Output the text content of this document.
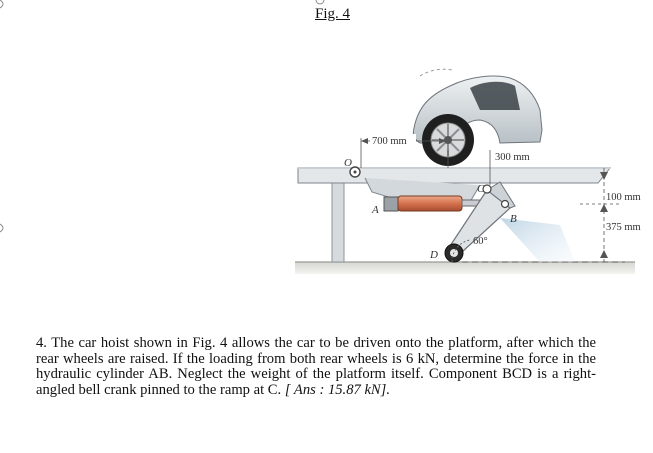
Fig. 4
700 mm
300 mm
100 mm
375 mm
O
A
B
C
D
60°
4. The car hoist shown in Fig. 4 allows the car to be driven onto the platform, after which the rear wheels are raised. If the loading from both rear wheels is 6 kN, determine the force in the hydraulic cylinder AB. Neglect the weight of the platform itself. Component BCD is a right-angled bell crank pinned to the ramp at C. [ Ans : 15.87 kN].
